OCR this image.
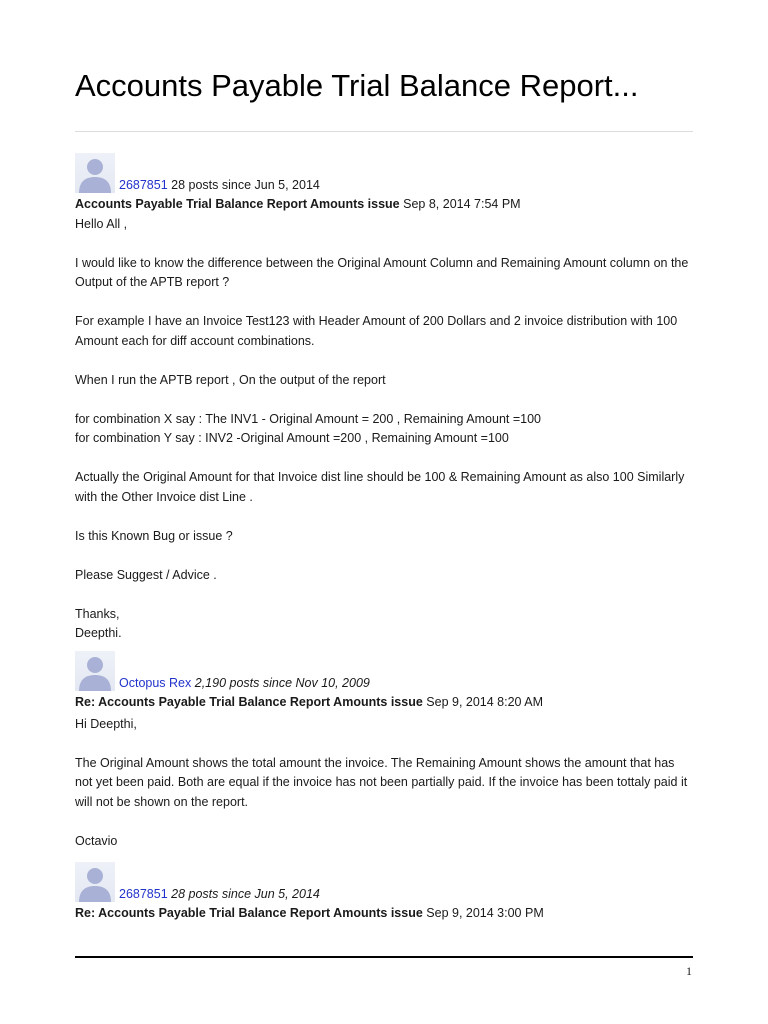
Accounts Payable Trial Balance Report...
2687851 28 posts since Jun 5, 2014
Accounts Payable Trial Balance Report Amounts issue Sep 8, 2014 7:54 PM

Hello All ,

I would like to know the difference between the Original Amount Column and Remaining Amount column on the Output of the APTB report ?

For example I have an Invoice Test123 with Header Amount of 200 Dollars and 2 invoice distribution with 100 Amount each for diff account combinations.

When I run the APTB report , On the output of the report

for combination X say : The INV1 - Original Amount = 200 , Remaining Amount =100

for combination Y say : INV2 -Original Amount =200 , Remaining Amount =100

Actually the Original Amount for that Invoice dist line should be 100 & Remaining Amount as also 100 Similarly with the Other Invoice dist Line .

Is this Known Bug or issue ?

Please Suggest / Advice .

Thanks,

Deepthi.

Octopus Rex 2,190 posts since Nov 10, 2009
Re: Accounts Payable Trial Balance Report Amounts issue Sep 9, 2014 8:20 AM

Hi Deepthi,

The Original Amount shows the total amount the invoice. The Remaining Amount shows the amount that has not yet been paid. Both are equal if the invoice has not been partially paid. If the invoice has been tottaly paid it will not be shown on the report.

Octavio

2687851 28 posts since Jun 5, 2014
Re: Accounts Payable Trial Balance Report Amounts issue Sep 9, 2014 3:00 PM
1
